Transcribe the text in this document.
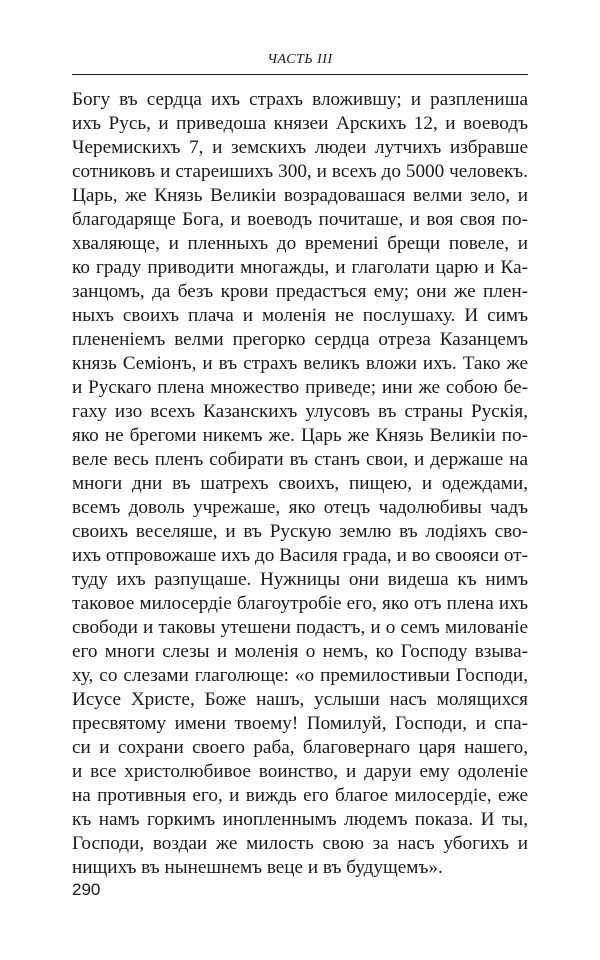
ЧАСТЬ III
Богу въ сердца ихъ страхъ вложившу; и разплениша
ихъ Русь, и приведоша князеи Арскихъ 12, и воеводъ
Черемискихъ 7, и земскихъ людеи лутчихъ избравше
сотниковъ и стареишихъ 300, и всехъ до 5000 человекъ.
Царь, же Князь Великіи возрадовашася велми зело, и
благодаряще Бога, и воеводъ почиташе, и воя своя по-
хваляюще, и пленныхъ до времениі брещи повеле, и
ко граду приводити многажды, и глаголати царю и Ка-
занцомъ, да безъ крови предастъся ему; они же плен-
ныхъ своихъ плача и моленія не послушаху. И симъ
плененіемъ велми прегорко сердца отреза Казанцемъ
князь Семіонъ, и въ страхъ великъ вложи ихъ. Тако же
и Рускаго плена множество приведе; ини же собою бе-
гаху изо всехъ Казанскихъ улусовъ въ страны Рускія,
яко не брегоми никемъ же. Царь же Князь Великіи по-
веле весь пленъ собирати въ станъ свои, и держаше на
многи дни въ шатрехъ своихъ, пищею, и одеждами,
всемъ доволь учрежаше, яко отецъ чадолюбивы чадъ
своихъ веселяше, и въ Рускую землю въ лодіяхъ сво-
ихъ отпровожаше ихъ до Василя града, и во своояси от-
туду ихъ разпущаше. Нужницы они видеша къ нимъ
таковое милосердіе благоутробіе его, яко отъ плена ихъ
свободи и таковы утешени подастъ, и о семъ милованіе
его многи слезы и моленія о немъ, ко Господу взыва-
ху, со слезами глаголюще: «о премилостивыи Господи,
Исусе Христе, Боже нашъ, услыши насъ молящихся
пресвятому имени твоему! Помилуй, Господи, и спа-
си и сохрани своего раба, благовернаго царя нашего,
и все христолюбивое воинство, и даруи ему одоленіе
на противныя его, и виждь его благое милосердіе, еже
къ намъ горкимъ инопленнымъ людемъ показа. И ты,
Господи, воздаи же милость свою за насъ убогихъ и
нищихъ въ нынешнемъ веце и въ будущемъ».
290
